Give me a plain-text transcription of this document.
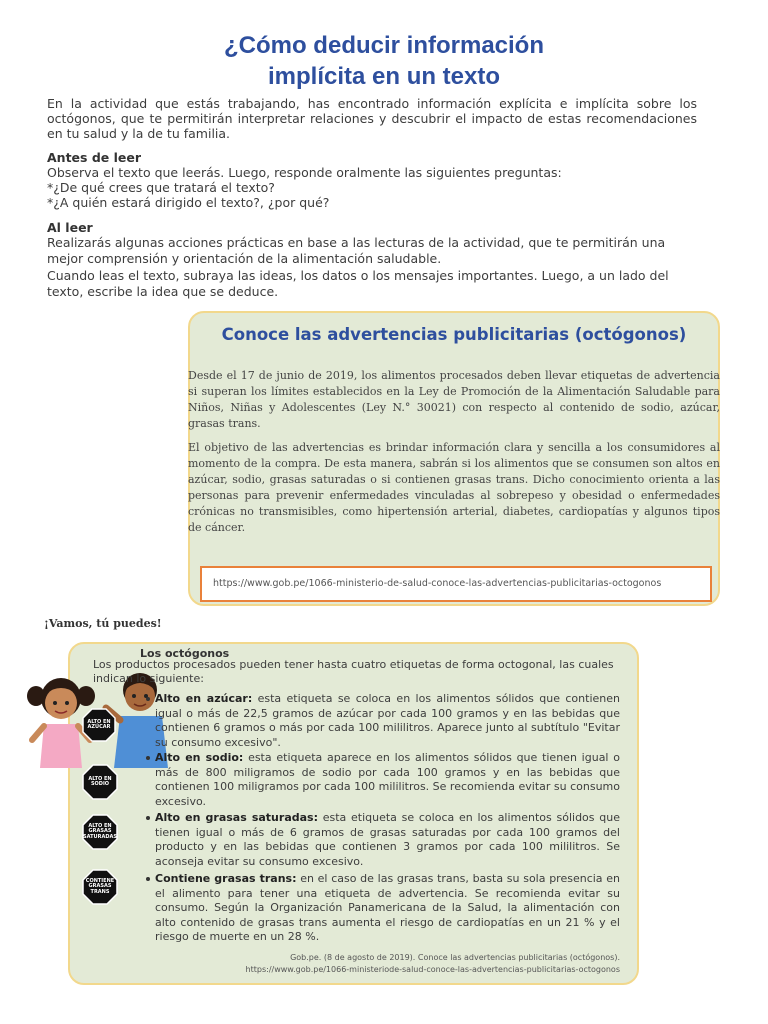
¿Cómo deducir información
implícita en un texto
En la actividad que estás trabajando, has encontrado información explícita e implícita sobre los octógonos, que te permitirán interpretar relaciones y descubrir el impacto de estas recomendaciones en tu salud y la de tu familia.
Antes de leer
Observa el texto que leerás. Luego, responde oralmente las siguientes preguntas:
*¿De qué crees que tratará el texto?
*¿A quién estará dirigido el texto?, ¿por qué?
Al leer
Realizarás algunas acciones prácticas en base a las lecturas de la actividad, que te permitirán una mejor comprensión y orientación de la alimentación saludable.
Cuando leas el texto, subraya las ideas, los datos o los mensajes importantes. Luego, a un lado del texto, escribe la idea que se deduce.
Conoce las advertencias publicitarias (octógonos)
Desde el 17 de junio de 2019, los alimentos procesados deben llevar etiquetas de advertencia si superan los límites establecidos en la Ley de Promoción de la Alimentación Saludable para Niños, Niñas y Adolescentes (Ley N.° 30021) con respecto al contenido de sodio, azúcar, grasas trans.
El objetivo de las advertencias es brindar información clara y sencilla a los consumidores al momento de la compra. De esta manera, sabrán si los alimentos que se consumen son altos en azúcar, sodio, grasas saturadas o si contienen grasas trans. Dicho conocimiento orienta a las personas para prevenir enfermedades vinculadas al sobrepeso y obesidad o enfermedades crónicas no transmisibles, como hipertensión arterial, diabetes, cardiopatías y algunos tipos de cáncer.
https://www.gob.pe/1066-ministerio-de-salud-conoce-las-advertencias-publicitarias-octogonos
¡Vamos, tú puedes!
ALTO EN AZÚCAR
ALTO EN SODIO
ALTO EN GRASAS SATURADAS
CONTIENE GRASAS TRANS
Los octógonos
Los productos procesados pueden tener hasta cuatro etiquetas de forma octogonal, las cuales indican lo siguiente:
Alto en azúcar: esta etiqueta se coloca en los alimentos sólidos que contienen igual o más de 22,5 gramos de azúcar por cada 100 gramos y en las bebidas que contienen 6 gramos o más por cada 100 mililitros. Aparece junto al subtítulo "Evitar su consumo excesivo".
Alto en sodio: esta etiqueta aparece en los alimentos sólidos que tienen igual o más de 800 miligramos de sodio por cada 100 gramos y en las bebidas que contienen 100 miligramos por cada 100 mililitros. Se recomienda evitar su consumo excesivo.
Alto en grasas saturadas: esta etiqueta se coloca en los alimentos sólidos que tienen igual o más de 6 gramos de grasas saturadas por cada 100 gramos del producto y en las bebidas que contienen 3 gramos por cada 100 mililitros. Se aconseja evitar su consumo excesivo.
Contiene grasas trans: en el caso de las grasas trans, basta su sola presencia en el alimento para tener una etiqueta de advertencia. Se recomienda evitar su consumo. Según la Organización Panamericana de la Salud, la alimentación con alto contenido de grasas trans aumenta el riesgo de cardiopatías en un 21 % y el riesgo de muerte en un 28 %.
Gob.pe. (8 de agosto de 2019). Conoce las advertencias publicitarias (octógonos).
https://www.gob.pe/1066-ministeriode-salud-conoce-las-advertencias-publicitarias-octogonos
